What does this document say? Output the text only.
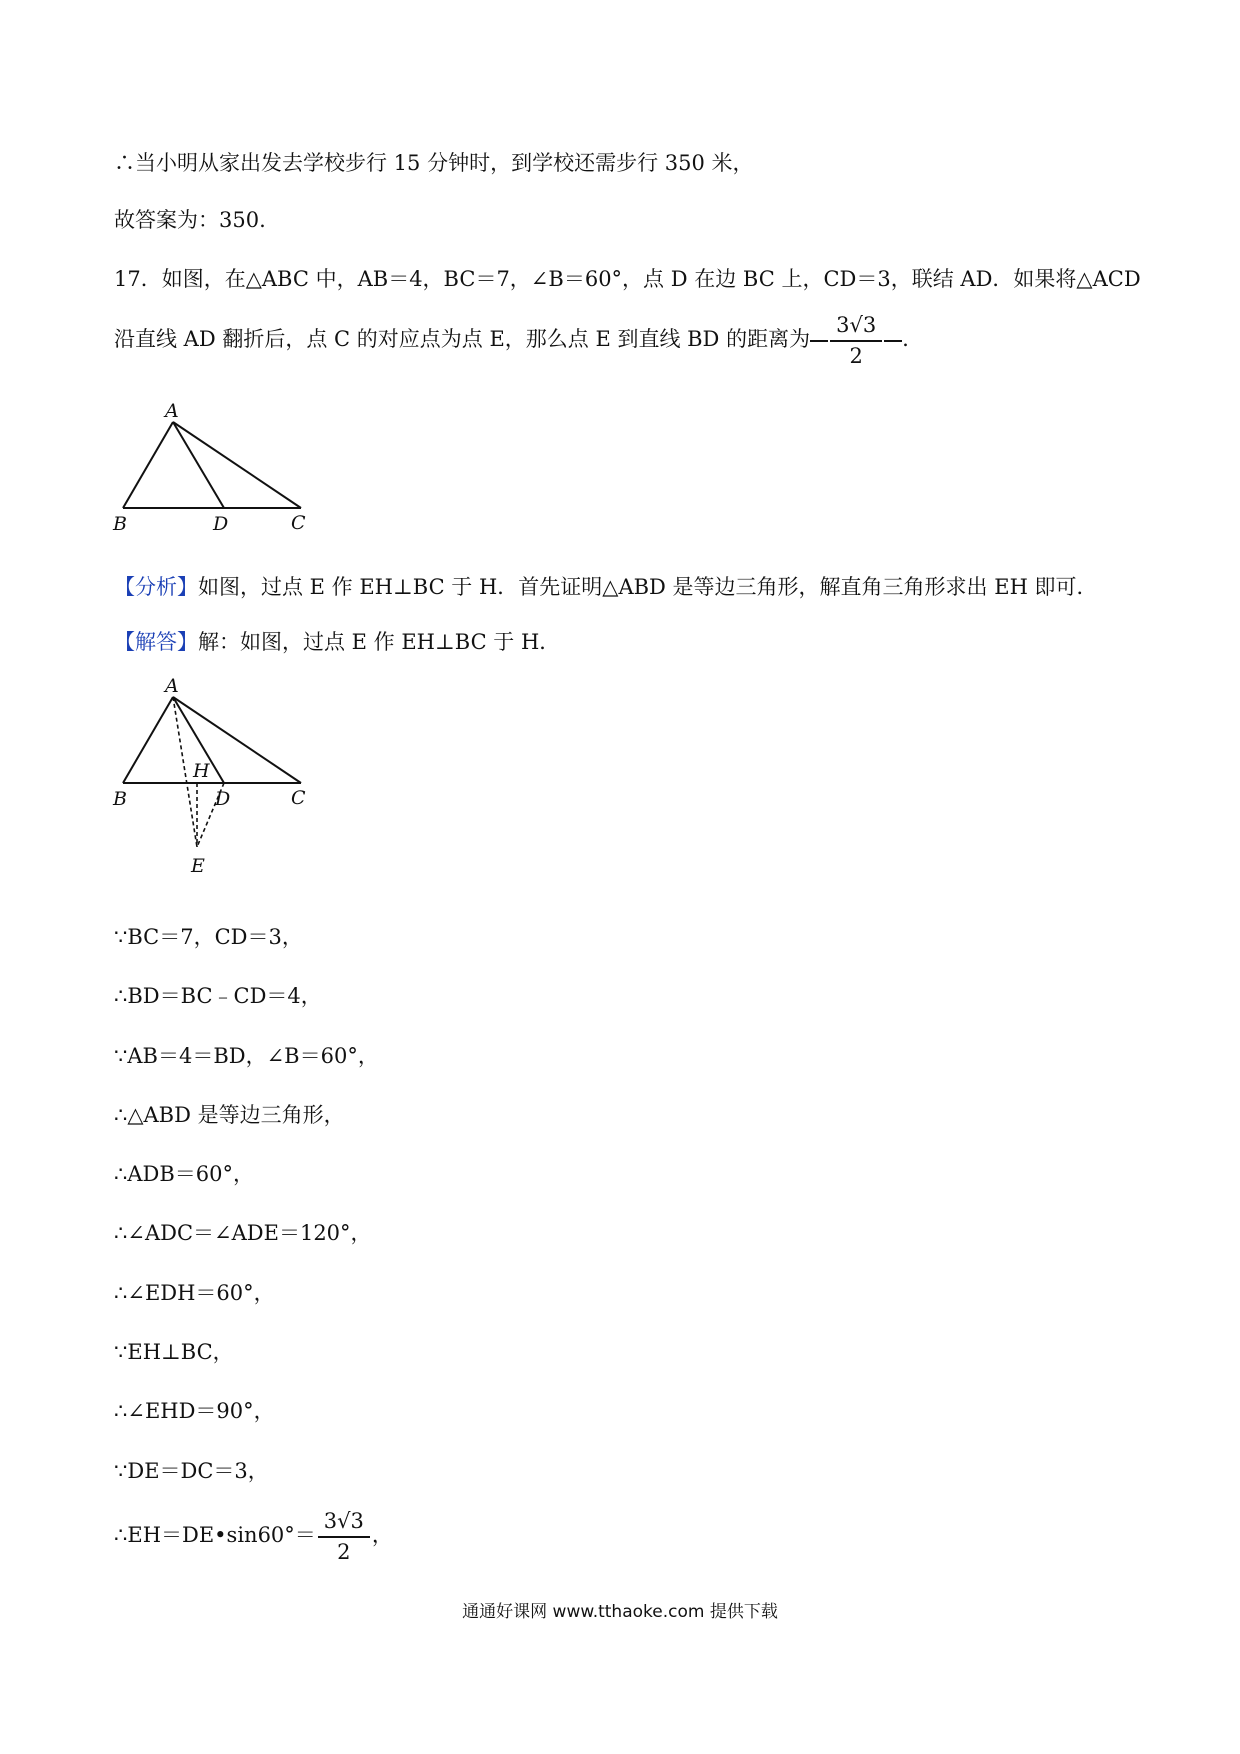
∴当小明从家出发去学校步行 15 分钟时，到学校还需步行 350 米，
故答案为：350.
17．如图，在△ABC 中，AB＝4，BC＝7，∠B＝60°，点 D 在边 BC 上，CD＝3，联结 AD．如果将△ACD
沿直线 AD 翻折后，点 C 的对应点为点 E，那么点 E 到直线 BD 的距离为 $\frac{3√3}{2}$ ．
A
B	D	C
【分析】如图，过点 E 作 EH⊥BC 于 H．首先证明△ABD 是等边三角形，解直角三角形求出 EH 即可．
【解答】解：如图，过点 E 作 EH⊥BC 于 H．
A
B	D	C
H
E
∵BC＝7，CD＝3，
∴BD＝BC﹣CD＝4，
∵AB＝4＝BD，∠B＝60°，
∴△ABD 是等边三角形，
∴ADB＝60°，
∴∠ADC＝∠ADE＝120°，
∴∠EDH＝60°，
∵EH⊥BC，
∴∠EHD＝90°，
∵DE＝DC＝3，
∴EH＝DE•sin60°＝ $\frac{3√3}{2}$ ，
通通好课网 www.tthaoke.com 提供下载
